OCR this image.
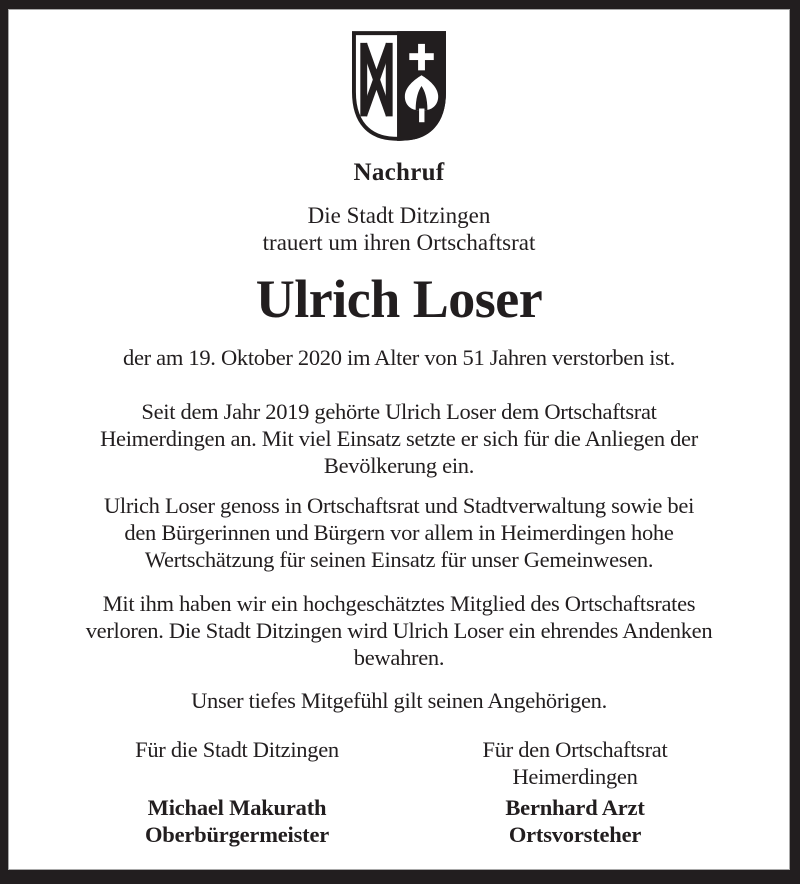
Nachruf
Die Stadt Ditzingen
trauert um ihren Ortschaftsrat
Ulrich Loser
der am 19. Oktober 2020 im Alter von 51 Jahren verstorben ist.
Seit dem Jahr 2019 gehörte Ulrich Loser dem Ortschaftsrat
Heimerdingen an. Mit viel Einsatz setzte er sich für die Anliegen der
Bevölkerung ein.
Ulrich Loser genoss in Ortschaftsrat und Stadtverwaltung sowie bei
den Bürgerinnen und Bürgern vor allem in Heimerdingen hohe
Wertschätzung für seinen Einsatz für unser Gemeinwesen.
Mit ihm haben wir ein hochgeschätztes Mitglied des Ortschaftsrates
verloren. Die Stadt Ditzingen wird Ulrich Loser ein ehrendes Andenken
bewahren.
Unser tiefes Mitgefühl gilt seinen Angehörigen.
Für die Stadt Ditzingen
Michael Makurath
Oberbürgermeister
Für den Ortschaftsrat
Heimerdingen
Bernhard Arzt
Ortsvorsteher
